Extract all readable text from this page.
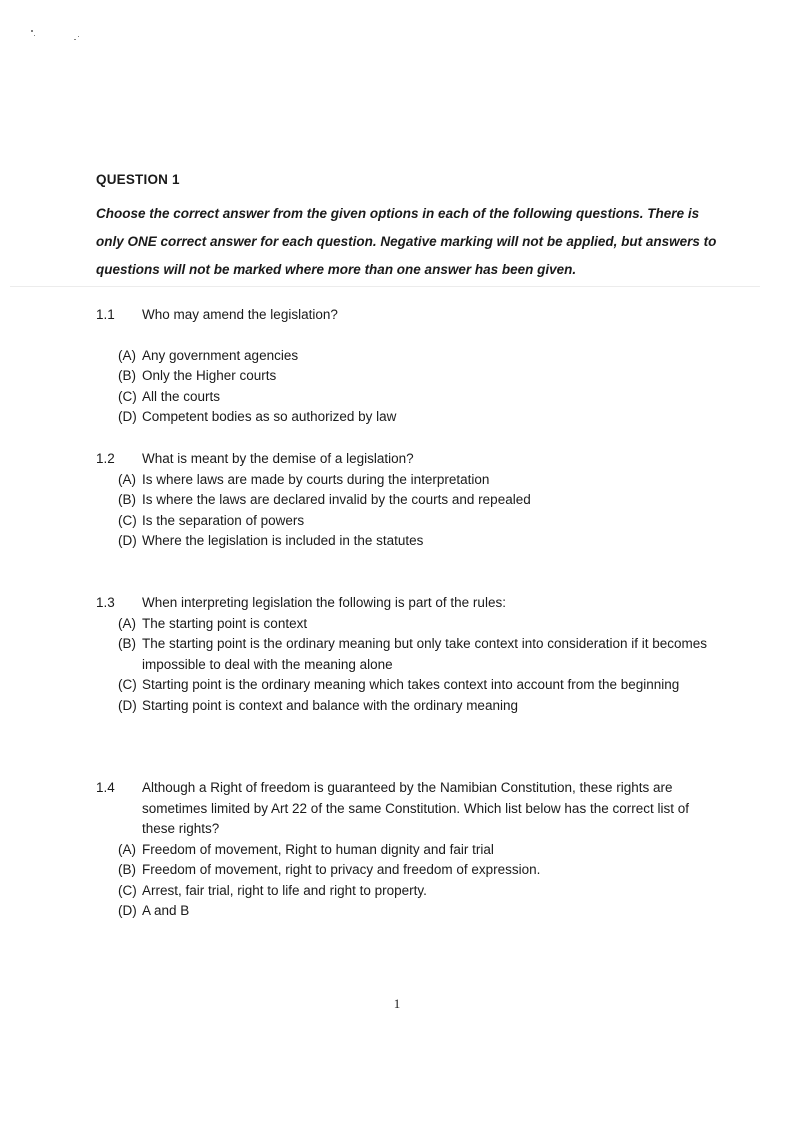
QUESTION 1

Choose the correct answer from the given options in each of the following questions. There is only ONE correct answer for each question. Negative marking will not be applied, but answers to questions will not be marked where more than one answer has been given.

1.1	Who may amend the legislation?
(A) Any government agencies
(B) Only the Higher courts
(C) All the courts
(D) Competent bodies as so authorized by law
1.2	What is meant by the demise of a legislation?
(A) Is where laws are made by courts during the interpretation
(B) Is where the laws are declared invalid by the courts and repealed
(C) Is the separation of powers
(D) Where the legislation is included in the statutes
1.3	When interpreting legislation the following is part of the rules:
(A) The starting point is context
(B) The starting point is the ordinary meaning but only take context into consideration if it becomes impossible to deal with the meaning alone
(C) Starting point is the ordinary meaning which takes context into account from the beginning
(D) Starting point is context and balance with the ordinary meaning
1.4	Although a Right of freedom is guaranteed by the Namibian Constitution, these rights are sometimes limited by Art 22 of the same Constitution. Which list below has the correct list of these rights?
(A) Freedom of movement, Right to human dignity and fair trial
(B) Freedom of movement, right to privacy and freedom of expression.
(C) Arrest, fair trial, right to life and right to property.
(D) A and B
1
